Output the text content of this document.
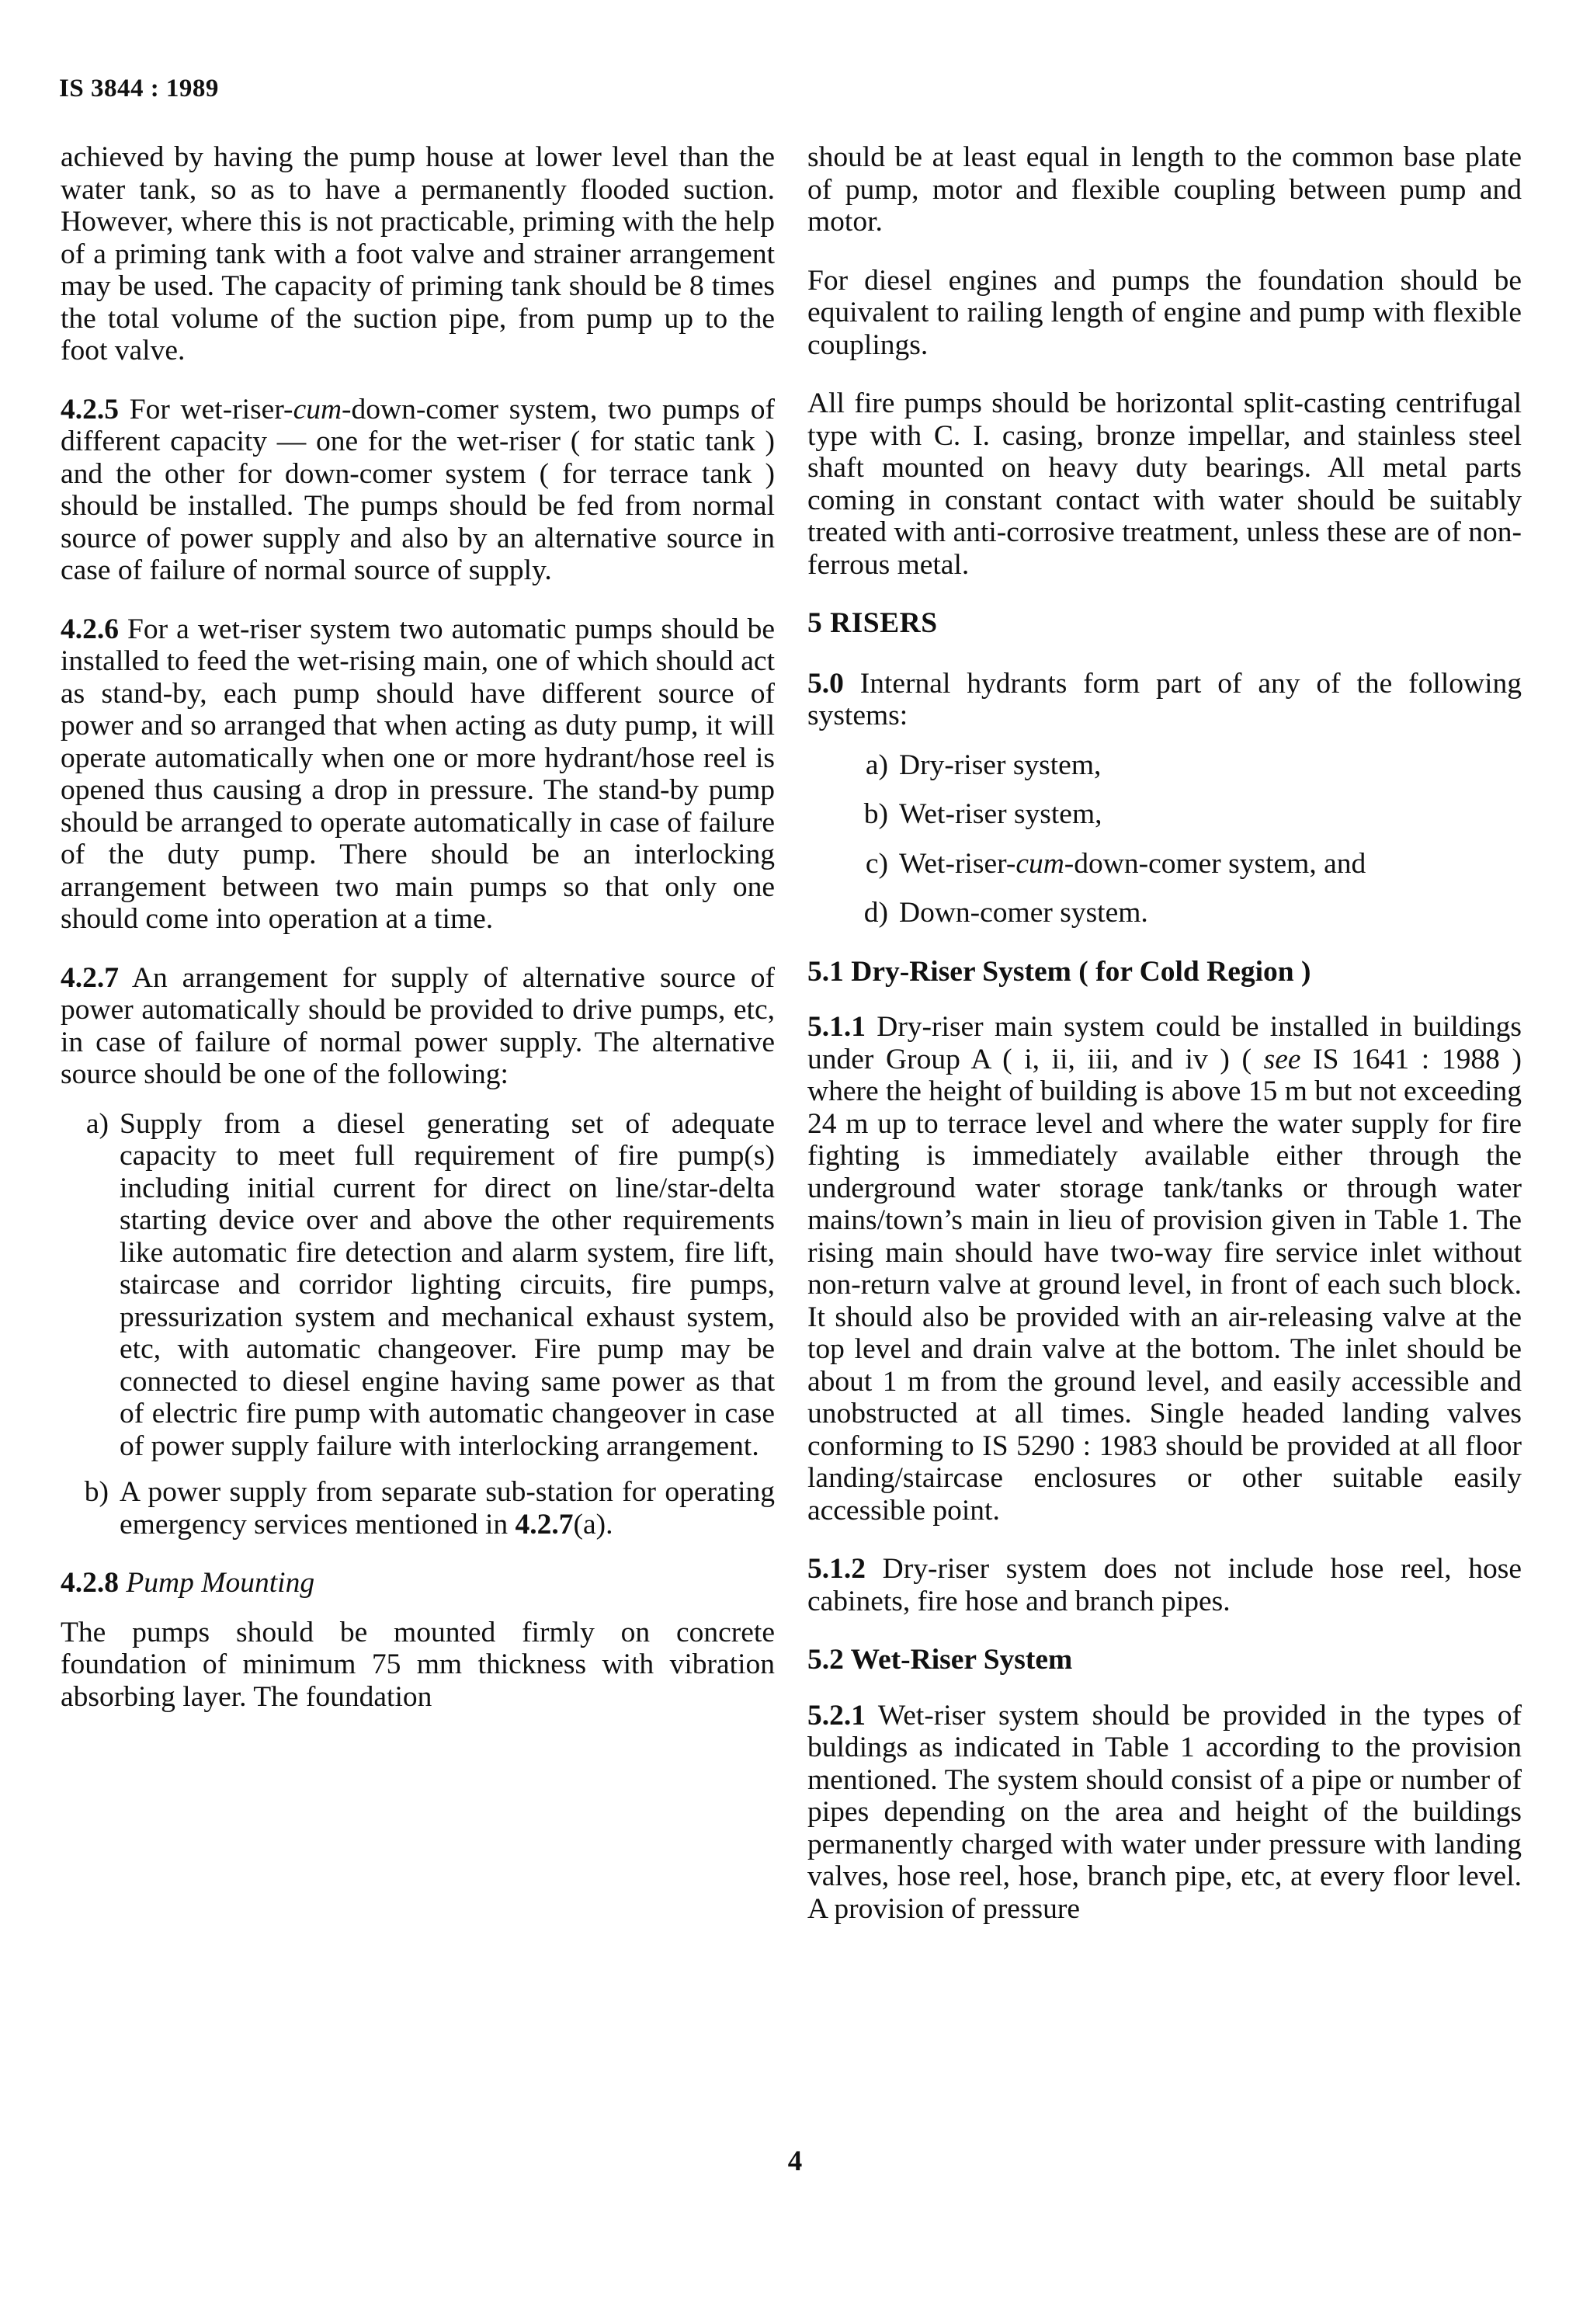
IS 3844 : 1989

achieved by having the pump house at lower level than the water tank, so as to have a permanently flooded suction. However, where this is not practicable, priming with the help of a priming tank with a foot valve and strainer arrangement may be used. The capacity of priming tank should be 8 times the total volume of the suction pipe, from pump up to the foot valve.

4.2.5 For wet-riser-cum-down-comer system, two pumps of different capacity — one for the wet-riser ( for static tank ) and the other for down-comer system ( for terrace tank ) should be installed. The pumps should be fed from normal source of power supply and also by an alternative source in case of failure of normal source of supply.

4.2.6 For a wet-riser system two automatic pumps should be installed to feed the wet-rising main, one of which should act as stand-by, each pump should have different source of power and so arranged that when acting as duty pump, it will operate automatically when one or more hydrant/hose reel is opened thus causing a drop in pressure. The stand-by pump should be arranged to operate automatically in case of failure of the duty pump. There should be an interlocking arrangement between two main pumps so that only one should come into operation at a time.

4.2.7 An arrangement for supply of alternative source of power automatically should be provided to drive pumps, etc, in case of failure of normal power supply. The alternative source should be one of the following:

a) Supply from a diesel generating set of adequate capacity to meet full requirement of fire pump(s) including initial current for direct on line/star-delta starting device over and above the other requirements like automatic fire detection and alarm system, fire lift, staircase and corridor lighting circuits, fire pumps, pressurization system and mechanical exhaust system, etc, with automatic changeover. Fire pump may be connected to diesel engine having same power as that of electric fire pump with automatic changeover in case of power supply failure with interlocking arrangement.
b) A power supply from separate sub-station for operating emergency services mentioned in 4.2.7(a).

4.2.8 Pump Mounting

The pumps should be mounted firmly on concrete foundation of minimum 75 mm thickness with vibration absorbing layer. The foundation

should be at least equal in length to the common base plate of pump, motor and flexible coupling between pump and motor.

For diesel engines and pumps the foundation should be equivalent to railing length of engine and pump with flexible couplings.

All fire pumps should be horizontal split-casting centrifugal type with C. I. casing, bronze impellar, and stainless steel shaft mounted on heavy duty bearings. All metal parts coming in constant contact with water should be suitably treated with anti-corrosive treatment, unless these are of non-ferrous metal.

5 RISERS

5.0 Internal hydrants form part of any of the following systems:

a) Dry-riser system,
b) Wet-riser system,
c) Wet-riser-cum-down-comer system, and
d) Down-comer system.
5.1 Dry-Riser System ( for Cold Region )

5.1.1 Dry-riser main system could be installed in buildings under Group A ( i, ii, iii, and iv ) ( see IS 1641 : 1988 ) where the height of building is above 15 m but not exceeding 24 m up to terrace level and where the water supply for fire fighting is immediately available either through the underground water storage tank/tanks or through water mains/town’s main in lieu of provision given in Table 1. The rising main should have two-way fire service inlet without non-return valve at ground level, in front of each such block. It should also be provided with an air-releasing valve at the top level and drain valve at the bottom. The inlet should be about 1 m from the ground level, and easily accessible and unobstructed at all times. Single headed landing valves conforming to IS 5290 : 1983 should be provided at all floor landing/staircase enclosures or other suitable easily accessible point.

5.1.2 Dry-riser system does not include hose reel, hose cabinets, fire hose and branch pipes.

5.2 Wet-Riser System

5.2.1 Wet-riser system should be provided in the types of buldings as indicated in Table 1 according to the provision mentioned. The system should consist of a pipe or number of pipes depending on the area and height of the buildings permanently charged with water under pressure with landing valves, hose reel, hose, branch pipe, etc, at every floor level. A provision of pressure

4
